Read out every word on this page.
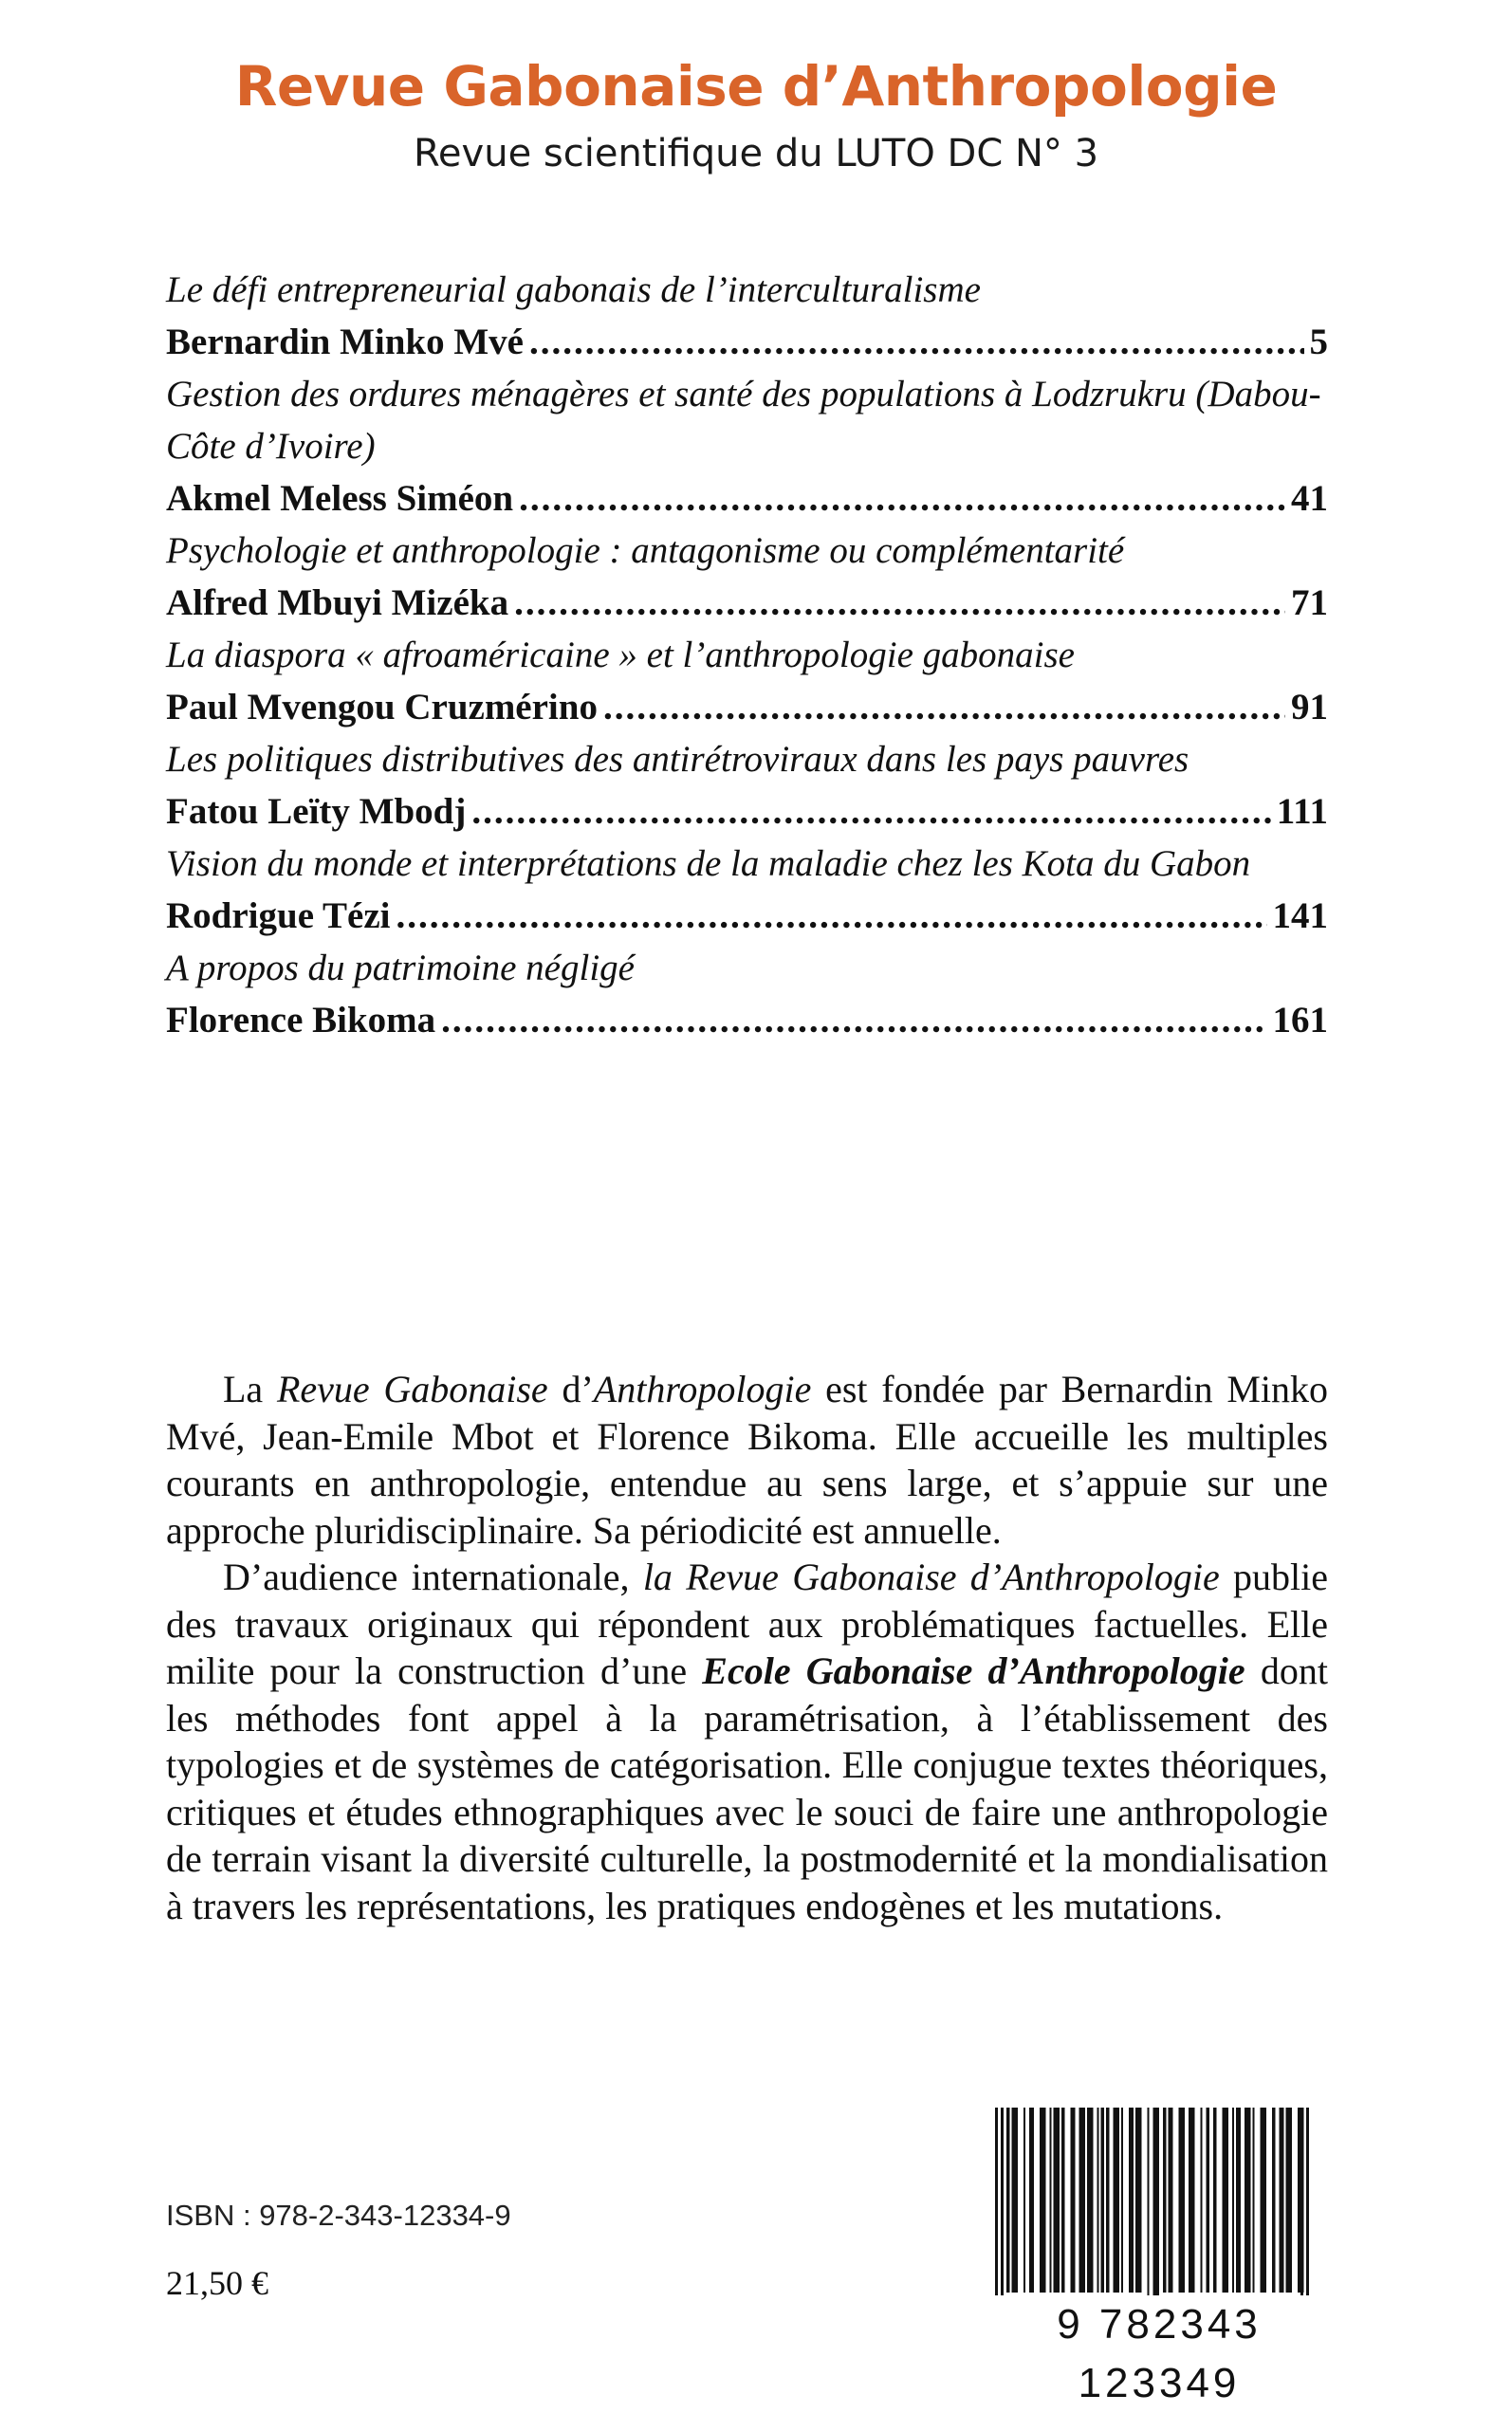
Revue Gabonaise d’Anthropologie
Revue scientifique du LUTO DC N° 3
Le défi entrepreneurial gabonais de l’interculturalisme
Bernardin Minko Mvé .....	5
Gestion des ordures ménagères et santé des populations à Lodzrukru (Dabou-Côte d’Ivoire)
Akmel Meless Siméon .....	41
Psychologie et anthropologie : antagonisme ou complémentarité
Alfred Mbuyi Mizéka .....	71
La diaspora « afroaméricaine » et l’anthropologie gabonaise
Paul Mvengou Cruzmérino .....	91
Les politiques distributives des antirétroviraux dans les pays pauvres
Fatou Leïty Mbodj .....	111
Vision du monde et interprétations de la maladie chez les Kota du Gabon
Rodrigue Tézi .....	141
A propos du patrimoine négligé
Florence Bikoma .....	161

La Revue Gabonaise d’Anthropologie est fondée par Bernardin Minko Mvé, Jean-Emile Mbot et Florence Bikoma. Elle accueille les multiples courants en anthropologie, entendue au sens large, et s’appuie sur une approche pluridisciplinaire. Sa périodicité est annuelle.

D’audience internationale, la Revue Gabonaise d’Anthropologie publie des travaux originaux qui répondent aux problématiques factuelles. Elle milite pour la construction d’une Ecole Gabonaise d’Anthropologie dont les méthodes font appel à la paramétrisation, à l’établissement des typologies et de systèmes de catégorisation. Elle conjugue textes théoriques, critiques et études ethnographiques avec le souci de faire une anthropologie de terrain visant la diversité culturelle, la postmodernité et la mondialisation à travers les représentations, les pratiques endogènes et les mutations.

ISBN : 978-2-343-12334-9
21,50 €
9 782343 123349
